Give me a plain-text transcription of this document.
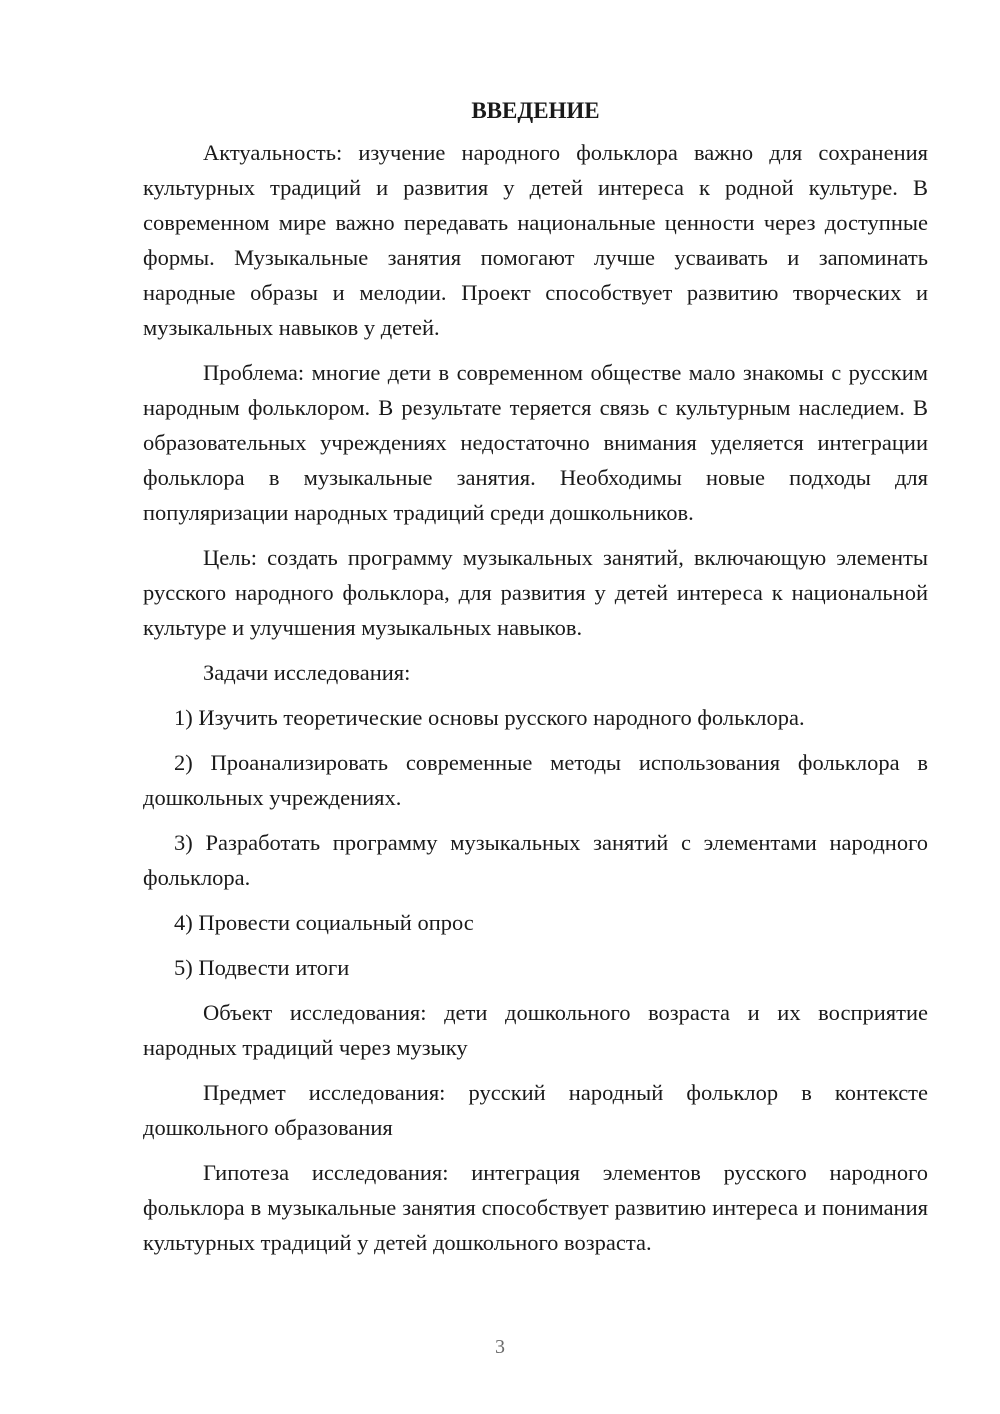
ВВЕДЕНИЕ

Актуальность: изучение народного фольклора важно для сохранения культурных традиций и развития у детей интереса к родной культуре. В современном мире важно передавать национальные ценности через доступные формы. Музыкальные занятия помогают лучше усваивать и запоминать народные образы и мелодии. Проект способствует развитию творческих и музыкальных навыков у детей.

Проблема: многие дети в современном обществе мало знакомы с русским народным фольклором. В результате теряется связь с культурным наследием. В образовательных учреждениях недостаточно внимания уделяется интеграции фольклора в музыкальные занятия. Необходимы новые подходы для популяризации народных традиций среди дошкольников.

Цель: создать программу музыкальных занятий, включающую элементы русского народного фольклора, для развития у детей интереса к национальной культуре и улучшения музыкальных навыков.

Задачи исследования:

1) Изучить теоретические основы русского народного фольклора.

2) Проанализировать современные методы использования фольклора в дошкольных учреждениях.

3) Разработать программу музыкальных занятий с элементами народного фольклора.

4) Провести социальный опрос

5) Подвести итоги

Объект исследования: дети дошкольного возраста и их восприятие народных традиций через музыку

Предмет исследования: русский народный фольклор в контексте дошкольного образования

Гипотеза исследования: интеграция элементов русского народного фольклора в музыкальные занятия способствует развитию интереса и понимания культурных традиций у детей дошкольного возраста.

3
